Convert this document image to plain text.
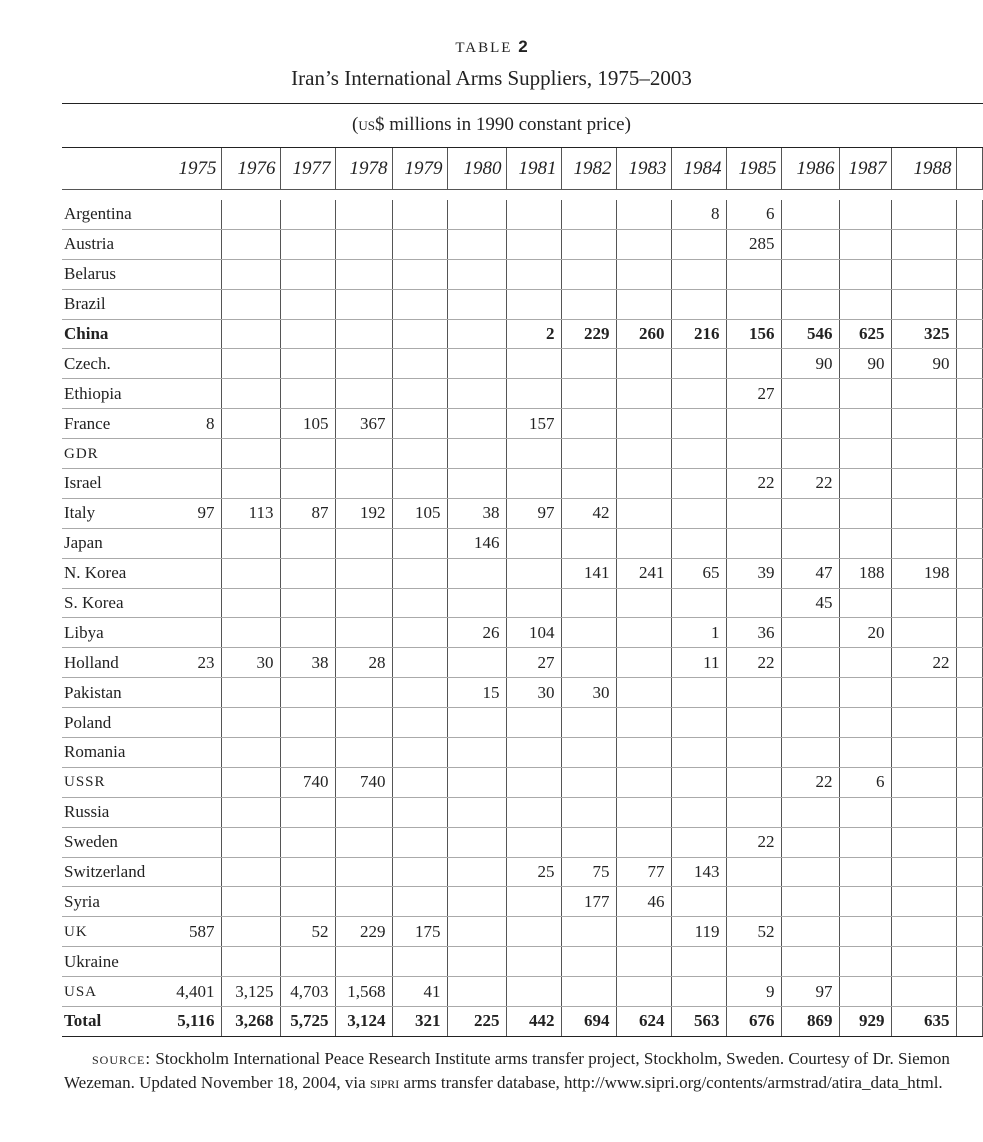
TABLE 2
Iran’s International Arms Suppliers, 1975–2003
(us$ millions in 1990 constant price)
	1975	1976	1977	1978	1979	1980	1981	1982	1983	1984	1985	1986	1987	1988	

Argentina										8	6				
Austria											285				
Belarus															
Brazil															
China							2	229	260	216	156	546	625	325	
Czech.												90	90	90	
Ethiopia											27				
France	8		105	367			157								
GDR															
Israel											22	22			
Italy	97	113	87	192	105	38	97	42							
Japan						146									
N. Korea								141	241	65	39	47	188	198	
S. Korea												45			
Libya						26	104			1	36		20		
Holland	23	30	38	28			27			11	22			22	
Pakistan						15	30	30							
Poland															
Romania															
USSR			740	740								22	6		
Russia															
Sweden											22				
Switzerland							25	75	77	143					
Syria								177	46						
UK	587		52	229	175					119	52				
Ukraine															
USA	4,401	3,125	4,703	1,568	41						9	97			
Total	5,116	3,268	5,725	3,124	321	225	442	694	624	563	676	869	929	635	

source: Stockholm International Peace Research Institute arms transfer project, Stockholm, Sweden. Courtesy of Dr. Siemon Wezeman. Updated November 18, 2004, via sipri arms transfer database, http://www.sipri.org/contents/armstrad/atira_data_html.
